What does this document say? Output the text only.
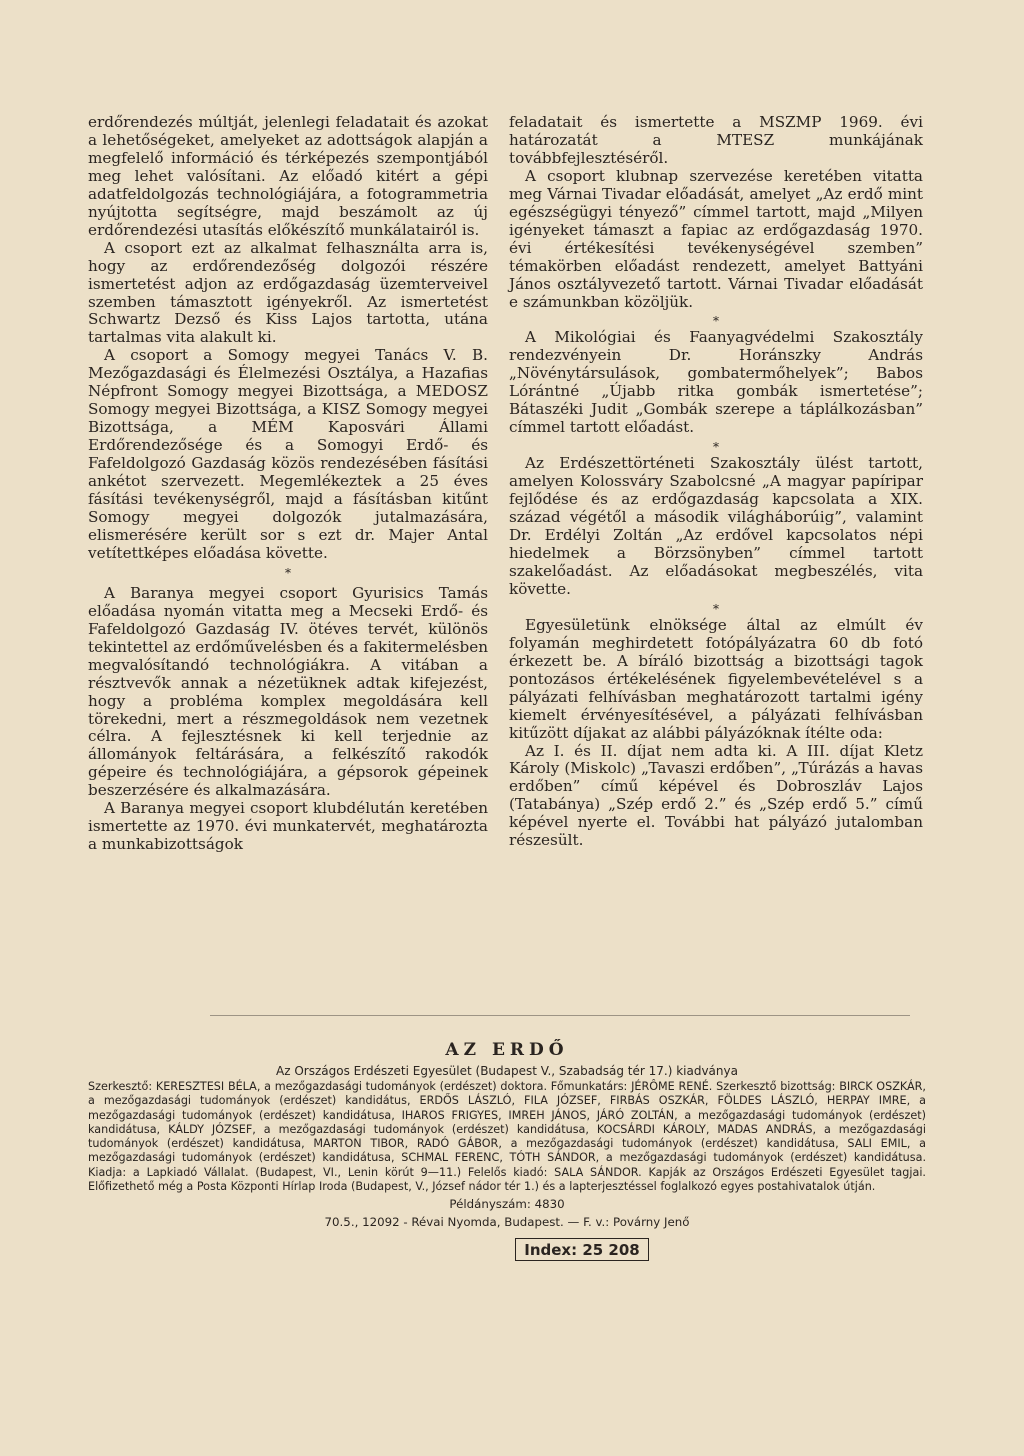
erdőrendezés múltját, jelenlegi feladatait és azokat a lehetőségeket, amelyeket az adottságok alapján a megfelelő információ és térképezés szempontjából meg lehet valósítani. Az előadó kitért a gépi adatfeldolgozás technológiájára, a fotogrammetria nyújtotta segítségre, majd beszámolt az új erdőrendezési utasítás előkészítő munkálatairól is.

A csoport ezt az alkalmat felhasználta arra is, hogy az erdőrendezőség dolgozói részére ismertetést adjon az erdőgazdaság üzemterveivel szemben támasztott igényekről. Az ismertetést Schwartz Dezső és Kiss Lajos tartotta, utána tartalmas vita alakult ki.

A csoport a Somogy megyei Tanács V. B. Mezőgazdasági és Élelmezési Osztálya, a Hazafias Népfront Somogy megyei Bizottsága, a MEDOSZ Somogy megyei Bizottsága, a KISZ Somogy megyei Bizottsága, a MÉM Kaposvári Állami Erdőrendezősége és a Somogyi Erdő- és Fafeldolgozó Gazdaság közös rendezésében fásítási ankétot szervezett. Megemlékeztek a 25 éves fásítási tevékenységről, majd a fásításban kitűnt Somogy megyei dolgozók jutalmazására, elismerésére került sor s ezt dr. Majer Antal vetítettképes előadása követte.

*

A Baranya megyei csoport Gyurisics Tamás előadása nyomán vitatta meg a Mecseki Erdő- és Fafeldolgozó Gazdaság IV. ötéves tervét, különös tekintettel az erdőművelésben és a fakitermelésben megvalósítandó technológiákra. A vitában a résztvevők annak a nézetüknek adtak kifejezést, hogy a probléma komplex megoldására kell törekedni, mert a részmegoldások nem vezetnek célra. A fejlesztésnek ki kell terjednie az állományok feltárására, a felkészítő rakodók gépeire és technológiájára, a gépsorok gépeinek beszerzésére és alkalmazására.

A Baranya megyei csoport klubdélután keretében ismertette az 1970. évi munkatervét, meghatározta a munkabizottságok

feladatait és ismertette a MSZMP 1969. évi határozatát a MTESZ munkájának továbbfejlesztéséről.

A csoport klubnap szervezése keretében vitatta meg Várnai Tivadar előadását, amelyet „Az erdő mint egészségügyi tényező” címmel tartott, majd „Milyen igényeket támaszt a fapiac az erdőgazdaság 1970. évi értékesítési tevékenységével szemben” témakörben előadást rendezett, amelyet Battyáni János osztályvezető tartott. Várnai Tivadar előadását e számunkban közöljük.

*

A Mikológiai és Faanyagvédelmi Szakosztály rendezvényein Dr. Horánszky András „Növénytársulások, gombatermőhelyek”; Babos Lórántné „Újabb ritka gombák ismertetése”; Bátaszéki Judit „Gombák szerepe a táplálkozásban” címmel tartott előadást.

*

Az Erdészettörténeti Szakosztály ülést tartott, amelyen Kolossváry Szabolcsné „A magyar papíripar fejlődése és az erdőgazdaság kapcsolata a XIX. század végétől a második világháborúig”, valamint Dr. Erdélyi Zoltán „Az erdővel kapcsolatos népi hiedelmek a Börzsönyben” címmel tartott szakelőadást. Az előadásokat megbeszélés, vita követte.

*

Egyesületünk elnöksége által az elmúlt év folyamán meghirdetett fotópályázatra 60 db fotó érkezett be. A bíráló bizottság a bizottsági tagok pontozásos értékelésének figyelembevételével s a pályázati felhívásban meghatározott tartalmi igény kiemelt érvényesítésével, a pályázati felhívásban kitűzött díjakat az alábbi pályázóknak ítélte oda:

Az I. és II. díjat nem adta ki. A III. díjat Kletz Károly (Miskolc) „Tavaszi erdőben”, „Túrázás a havas erdőben” című képével és Dobroszláv Lajos (Tatabánya) „Szép erdő 2.” és „Szép erdő 5.” című képével nyerte el. További hat pályázó jutalomban részesült.

AZ ERDŐ
Az Országos Erdészeti Egyesület (Budapest V., Szabadság tér 17.) kiadványa
Szerkesztő: KERESZTESI BÉLA, a mezőgazdasági tudományok (erdészet) doktora. Főmunkatárs: JÉRÔME RENÉ. Szerkesztő bizottság: BIRCK OSZKÁR, a mezőgazdasági tudományok (erdészet) kandidátus, ERDŐS LÁSZLÓ, FILA JÓZSEF, FIRBÁS OSZKÁR, FÖLDES LÁSZLÓ, HERPAY IMRE, a mezőgazdasági tudományok (erdészet) kandidátusa, IHAROS FRIGYES, IMREH JÁNOS, JÁRÓ ZOLTÁN, a mezőgazdasági tudományok (erdészet) kandidátusa, KÁLDY JÓZSEF, a mezőgazdasági tudományok (erdészet) kandidátusa, KOCSÁRDI KÁROLY, MADAS ANDRÁS, a mezőgazdasági tudományok (erdészet) kandidátusa, MARTON TIBOR, RADÓ GÁBOR, a mezőgazdasági tudományok (erdészet) kandidátusa, SALI EMIL, a mezőgazdasági tudományok (erdészet) kandidátusa, SCHMAL FERENC, TÓTH SÁNDOR, a mezőgazdasági tudományok (erdészet) kandidátusa. Kiadja: a Lapkiadó Vállalat. (Budapest, VI., Lenin körút 9—11.) Felelős kiadó: SALA SÁNDOR. Kapják az Országos Erdészeti Egyesület tagjai. Előfizethető még a Posta Központi Hírlap Iroda (Budapest, V., József nádor tér 1.) és a lapterjesztéssel foglalkozó egyes postahivatalok útján.
Példányszám: 4830
70.5., 12092 - Révai Nyomda, Budapest. — F. v.: Povárny Jenő
Index: 25 208
